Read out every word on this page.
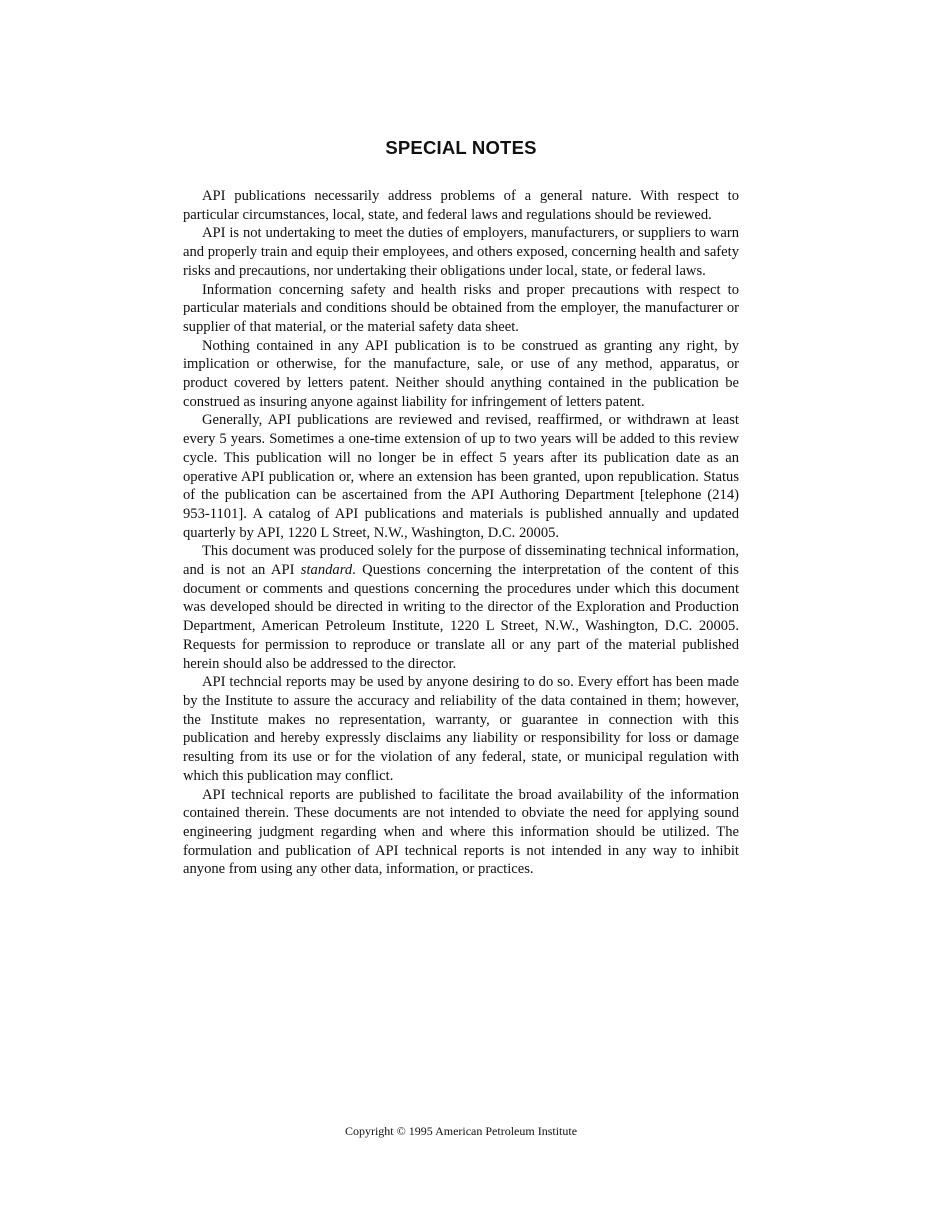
SPECIAL NOTES

API publications necessarily address problems of a general nature. With respect to particular circumstances, local, state, and federal laws and regulations should be reviewed.

API is not undertaking to meet the duties of employers, manufacturers, or suppliers to warn and properly train and equip their employees, and others exposed, concerning health and safety risks and precautions, nor undertaking their obligations under local, state, or federal laws.

Information concerning safety and health risks and proper precautions with respect to particular materials and conditions should be obtained from the employer, the manufacturer or supplier of that material, or the material safety data sheet.

Nothing contained in any API publication is to be construed as granting any right, by implication or otherwise, for the manufacture, sale, or use of any method, apparatus, or product covered by letters patent. Neither should anything contained in the publication be construed as insuring anyone against liability for infringement of letters patent.

Generally, API publications are reviewed and revised, reaffirmed, or withdrawn at least every 5 years. Sometimes a one-time extension of up to two years will be added to this review cycle. This publication will no longer be in effect 5 years after its publication date as an operative API publication or, where an extension has been granted, upon republication. Status of the publication can be ascertained from the API Authoring Department [telephone (214) 953-1101]. A catalog of API publications and materials is published annually and updated quarterly by API, 1220 L Street, N.W., Washington, D.C. 20005.

This document was produced solely for the purpose of disseminating technical information, and is not an API standard. Questions concerning the interpretation of the content of this document or comments and questions concerning the procedures under which this document was developed should be directed in writing to the director of the Exploration and Production Department, American Petroleum Institute, 1220 L Street, N.W., Washington, D.C. 20005. Requests for permission to reproduce or translate all or any part of the material published herein should also be addressed to the director.

API techncial reports may be used by anyone desiring to do so. Every effort has been made by the Institute to assure the accuracy and reliability of the data contained in them; however, the Institute makes no representation, warranty, or guarantee in connection with this publication and hereby expressly disclaims any liability or responsibility for loss or damage resulting from its use or for the violation of any federal, state, or municipal regulation with which this publication may conflict.

API technical reports are published to facilitate the broad availability of the information contained therein. These documents are not intended to obviate the need for applying sound engineering judgment regarding when and where this information should be utilized. The formulation and publication of API technical reports is not intended in any way to inhibit anyone from using any other data, information, or practices.

Copyright © 1995 American Petroleum Institute
